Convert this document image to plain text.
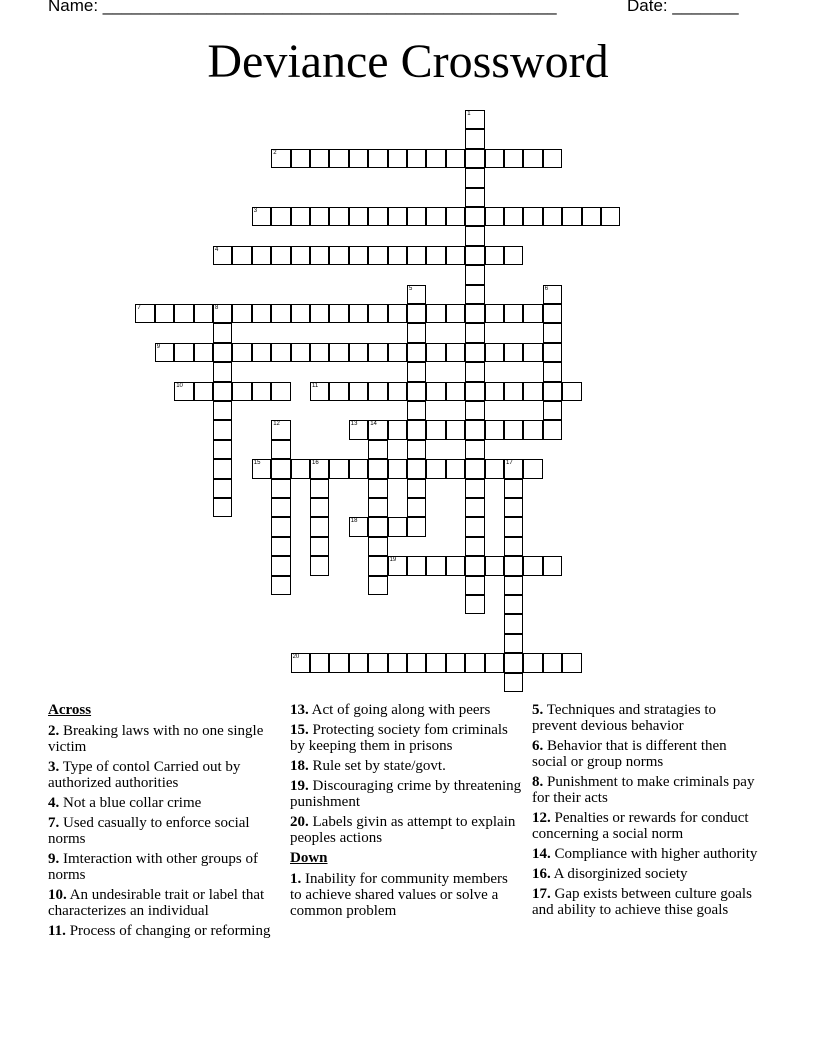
Name: ________________________________________________	Date: _______
Deviance Crossword
1
2
3
4
5	6
7	8
9
10	11
12	13 14
15	16	17
18
19
20
Across
2. Breaking laws with no one single victim
3. Type of contol Carried out by authorized authorities
4. Not a blue collar crime
7. Used casually to enforce social norms
9. Imteraction with other groups of norms
10. An undesirable trait or label that characterizes an individual
11. Process of changing or reforming
13. Act of going along with peers
15. Protecting society fom criminals by keeping them in prisons
18. Rule set by state/govt.
19. Discouraging crime by threatening punishment
20. Labels givin as attempt to explain peoples actions
Down
1. Inability for community members to achieve shared values or solve a common problem
5. Techniques and stratagies to prevent devious behavior
6. Behavior that is different then social or group norms
8. Punishment to make criminals pay for their acts
12. Penalties or rewards for conduct concerning a social norm
14. Compliance with higher authority
16. A disorginized society
17. Gap exists between culture goals and ability to achieve thise goals
